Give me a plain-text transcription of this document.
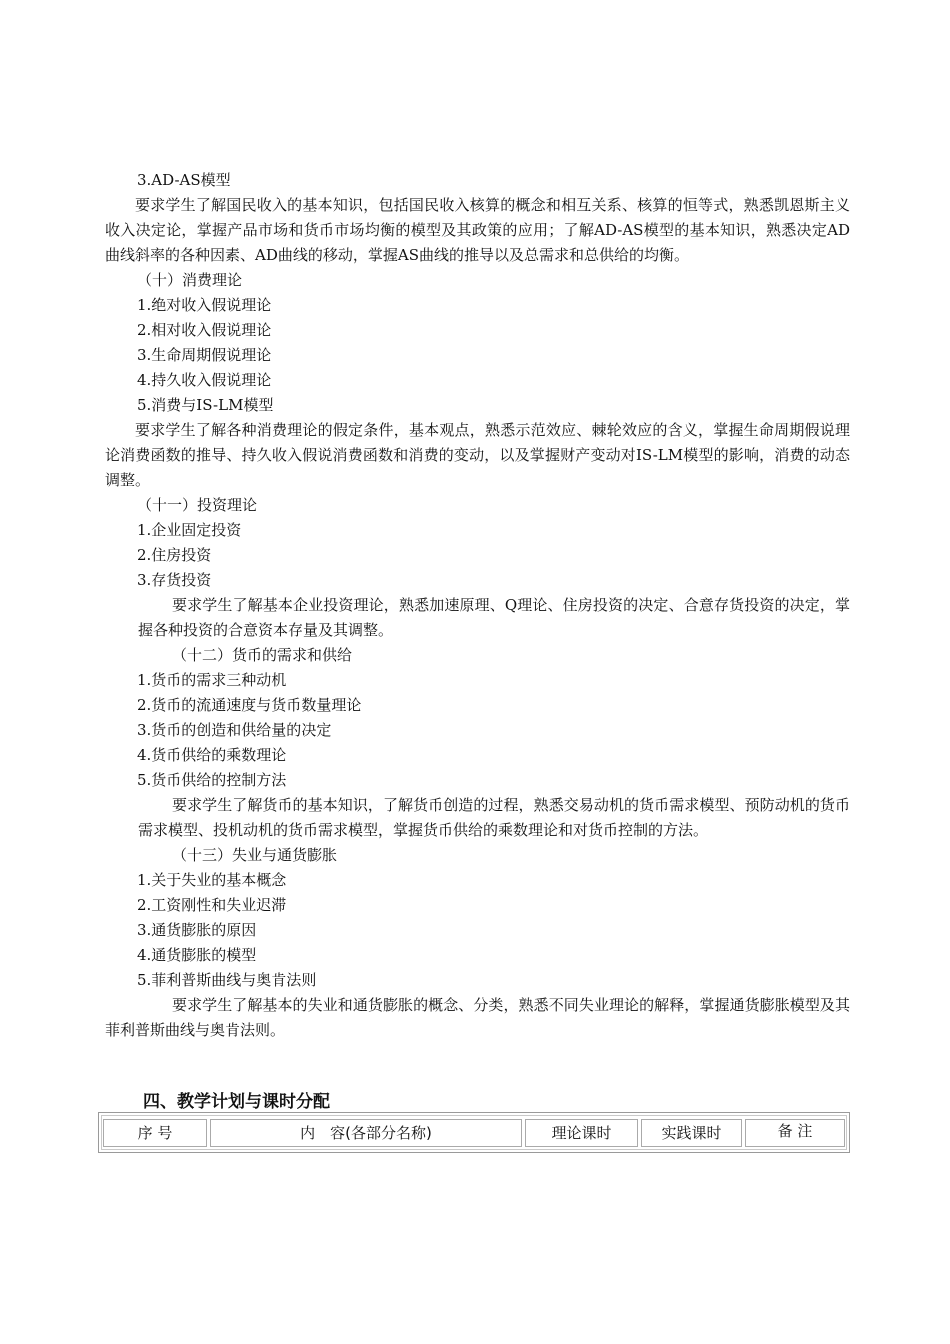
3.AD-AS模型
要求学生了解国民收入的基本知识，包括国民收入核算的概念和相互关系、核算的恒等式，熟悉凯恩斯主义收入决定论，掌握产品市场和货币市场均衡的模型及其政策的应用；了解AD-AS模型的基本知识，熟悉决定AD曲线斜率的各种因素、AD曲线的移动，掌握AS曲线的推导以及总需求和总供给的均衡。
（十）消费理论
1.绝对收入假说理论
2.相对收入假说理论
3.生命周期假说理论
4.持久收入假说理论
5.消费与IS-LM模型
要求学生了解各种消费理论的假定条件，基本观点，熟悉示范效应、棘轮效应的含义，掌握生命周期假说理论消费函数的推导、持久收入假说消费函数和消费的变动，以及掌握财产变动对IS-LM模型的影响，消费的动态调整。
（十一）投资理论
1.企业固定投资
2.住房投资
3.存货投资
要求学生了解基本企业投资理论，熟悉加速原理、Q理论、住房投资的决定、合意存货投资的决定，掌握各种投资的合意资本存量及其调整。
（十二）货币的需求和供给
1.货币的需求三种动机
2.货币的流通速度与货币数量理论
3.货币的创造和供给量的决定
4.货币供给的乘数理论
5.货币供给的控制方法
要求学生了解货币的基本知识，了解货币创造的过程，熟悉交易动机的货币需求模型、预防动机的货币需求模型、投机动机的货币需求模型，掌握货币供给的乘数理论和对货币控制的方法。
（十三）失业与通货膨胀
1.关于失业的基本概念
2.工资刚性和失业迟滞
3.通货膨胀的原因
4.通货膨胀的模型
5.菲利普斯曲线与奥肯法则
要求学生了解基本的失业和通货膨胀的概念、分类，熟悉不同失业理论的解释，掌握通货膨胀模型及其菲利普斯曲线与奥肯法则。
四、教学计划与课时分配
序 号	内　容(各部分名称)	理论课时	实践课时	备 注
